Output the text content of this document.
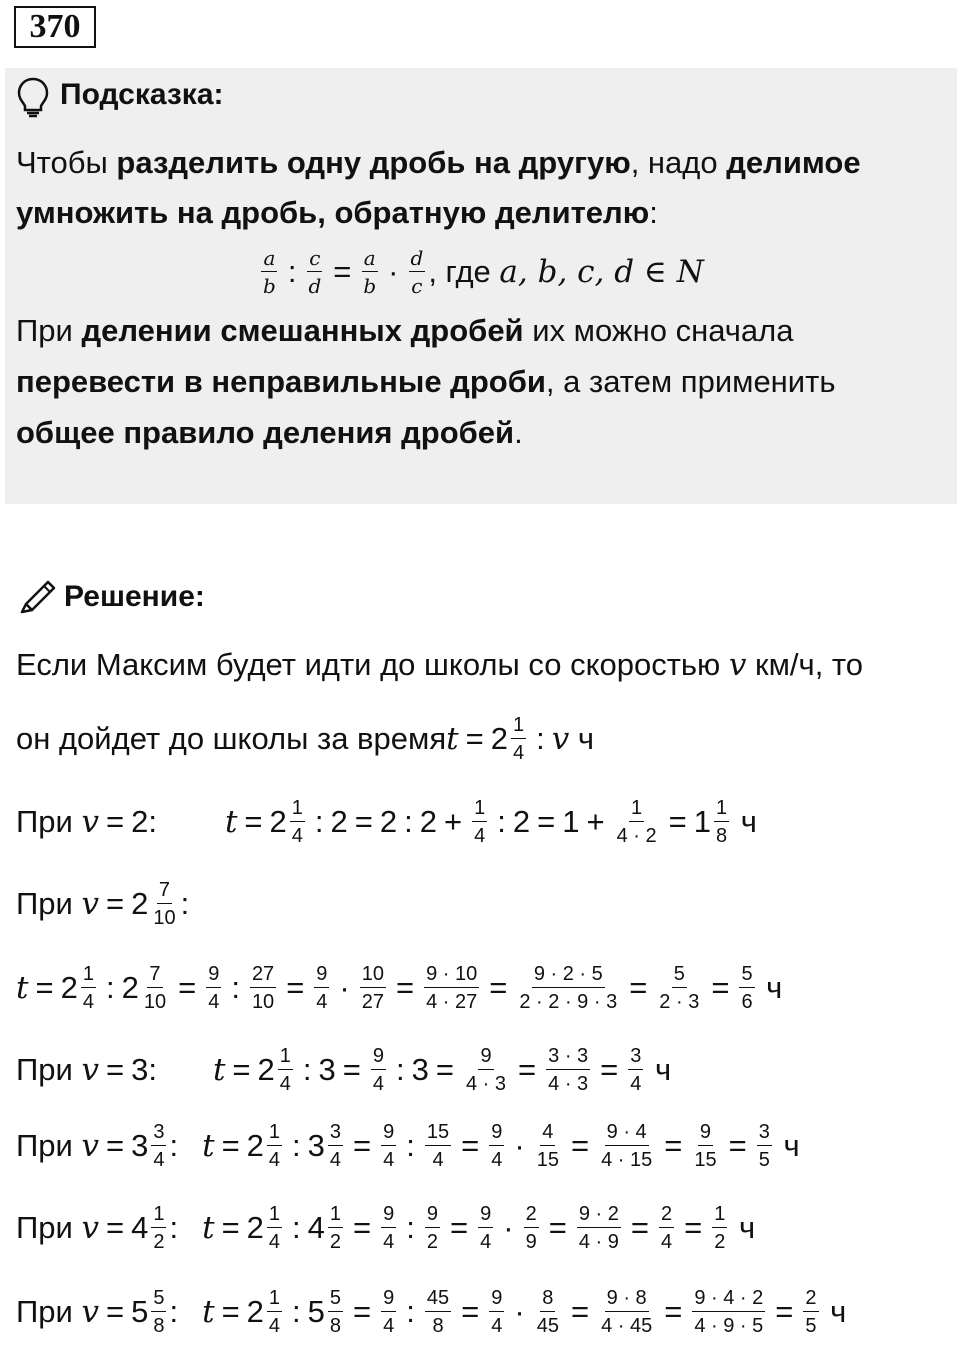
370
Подсказка:
Чтобы разделить одну дробь на другую, надо делимое
умножить на дробь, обратную делителю:
$\frac{a}{b}$ : $\frac{c}{d} = \frac{a}{b} \cdot \frac{d}{c}$ , где
a, b, c, d ∈ N
При делении смешанных дробей их можно сначала
перевести в неправильные дроби, а затем применить
общее правило деления дробей.
Решение:
Если Максим будет идти до школы со скоростью v км/ч, то
он дойдет до школы за время $t = 2 \frac{1}{4}$ : v
ч
При
v = 2: $t = 2 \frac{1}{4}$ : 2 = 2 : $2 + \frac{1}{4}$ : $2 = 1 + \frac{1}{4 \cdot 2} = 1 \frac{1}{8}$ ч
При
$v = 2 \frac{7}{10}$ :
$t = 2 \frac{1}{4}$ : $2 \frac{7}{10} = \frac{9}{4}$ : $\frac{27}{10} = \frac{9}{4} \cdot \frac{10}{27} = \frac{9 \cdot 10}{4 \cdot 27} = \frac{9 \cdot 2 \cdot 5}{2 \cdot 2 \cdot 9 \cdot 3} = \frac{5}{2 \cdot 3} = \frac{5}{6}$ ч
При
v = 3: $t = 2 \frac{1}{4}$ : $3 = \frac{9}{4}$ : $3 = \frac{9}{4 \cdot 3} = \frac{3 \cdot 3}{4 \cdot 3} = \frac{3}{4}$ ч
При
$v = 3 \frac{3}{4}$ : $t = 2 \frac{1}{4}$ : $3 \frac{3}{4} = \frac{9}{4}$ : $\frac{15}{4} = \frac{9}{4} \cdot \frac{4}{15} = \frac{9 \cdot 4}{4 \cdot 15} = \frac{9}{15} = \frac{3}{5}$ ч
При
$v = 4 \frac{1}{2}$ : $t = 2 \frac{1}{4}$ : $4 \frac{1}{2} = \frac{9}{4}$ : $\frac{9}{2} = \frac{9}{4} \cdot \frac{2}{9} = \frac{9 \cdot 2}{4 \cdot 9} = \frac{2}{4} = \frac{1}{2}$ ч
При
$v = 5 \frac{5}{8}$ : $t = 2 \frac{1}{4}$ : $5 \frac{5}{8} = \frac{9}{4}$ : $\frac{45}{8} = \frac{9}{4} \cdot \frac{8}{45} = \frac{9 \cdot 8}{4 \cdot 45} = \frac{9 \cdot 4 \cdot 2}{4 \cdot 9 \cdot 5} = \frac{2}{5}$ ч
